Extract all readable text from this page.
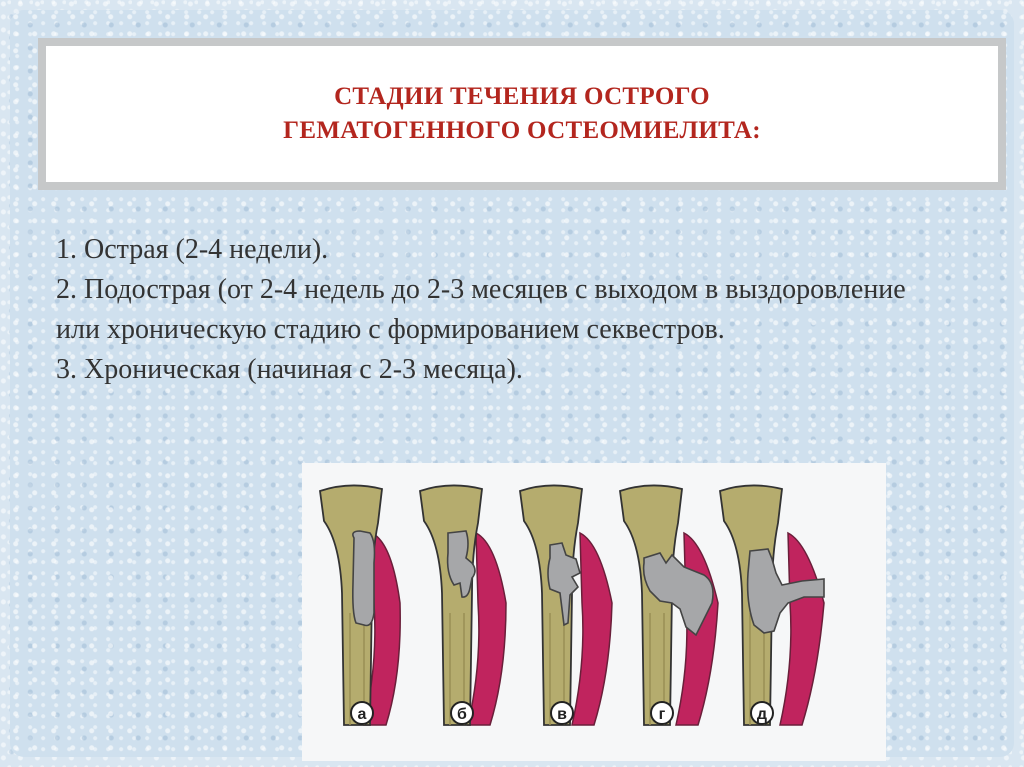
СТАДИИ ТЕЧЕНИЯ ОСТРОГО
ГЕМАТОГЕННОГО ОСТЕОМИЕЛИТА:

1. Острая (2-4 недели).

2. Подострая (от 2-4 недель до 2-3 месяцев с выходом в выздоровление или хроническую стадию с формированием секвестров.

3. Хроническая (начиная с 2-3 месяца).

а	б	в	г	д
